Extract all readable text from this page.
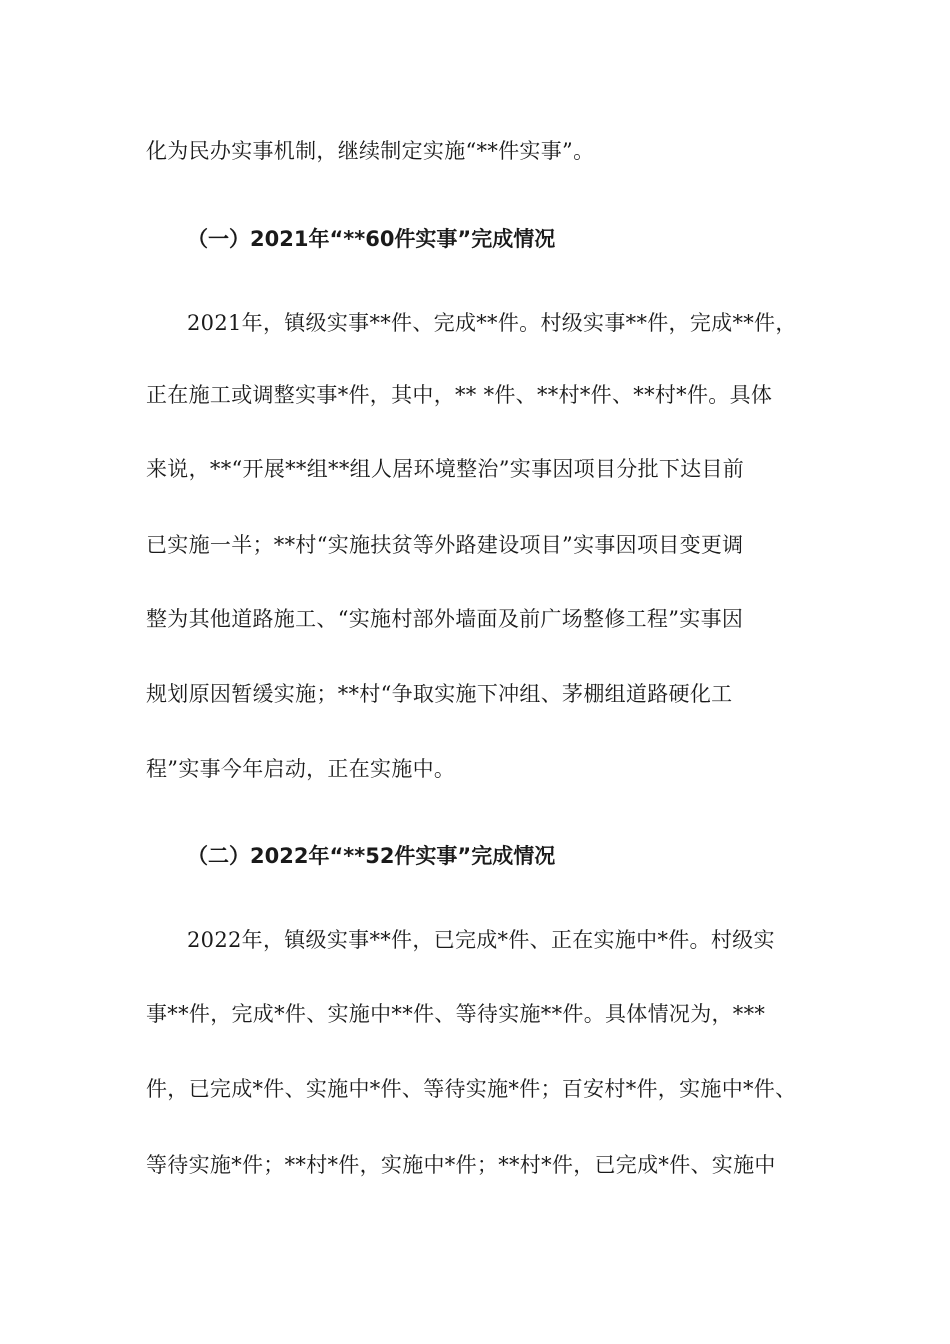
化为民办实事机制，继续制定实施“**件实事”。
（一）2021年“**60件实事”完成情况
2021年，镇级实事**件、完成**件。村级实事**件，完成**件，
正在施工或调整实事*件，其中，** *件、**村*件、**村*件。具体
来说，**“开展**组**组人居环境整治”实事因项目分批下达目前
已实施一半；**村“实施扶贫等外路建设项目”实事因项目变更调
整为其他道路施工、“实施村部外墙面及前广场整修工程”实事因
规划原因暂缓实施；**村“争取实施下冲组、茅棚组道路硬化工
程”实事今年启动，正在实施中。
（二）2022年“**52件实事”完成情况
2022年，镇级实事**件，已完成*件、正在实施中*件。村级实
事**件，完成*件、实施中**件、等待实施**件。具体情况为，***
件，已完成*件、实施中*件、等待实施*件；百安村*件，实施中*件、
等待实施*件；**村*件，实施中*件；**村*件，已完成*件、实施中
